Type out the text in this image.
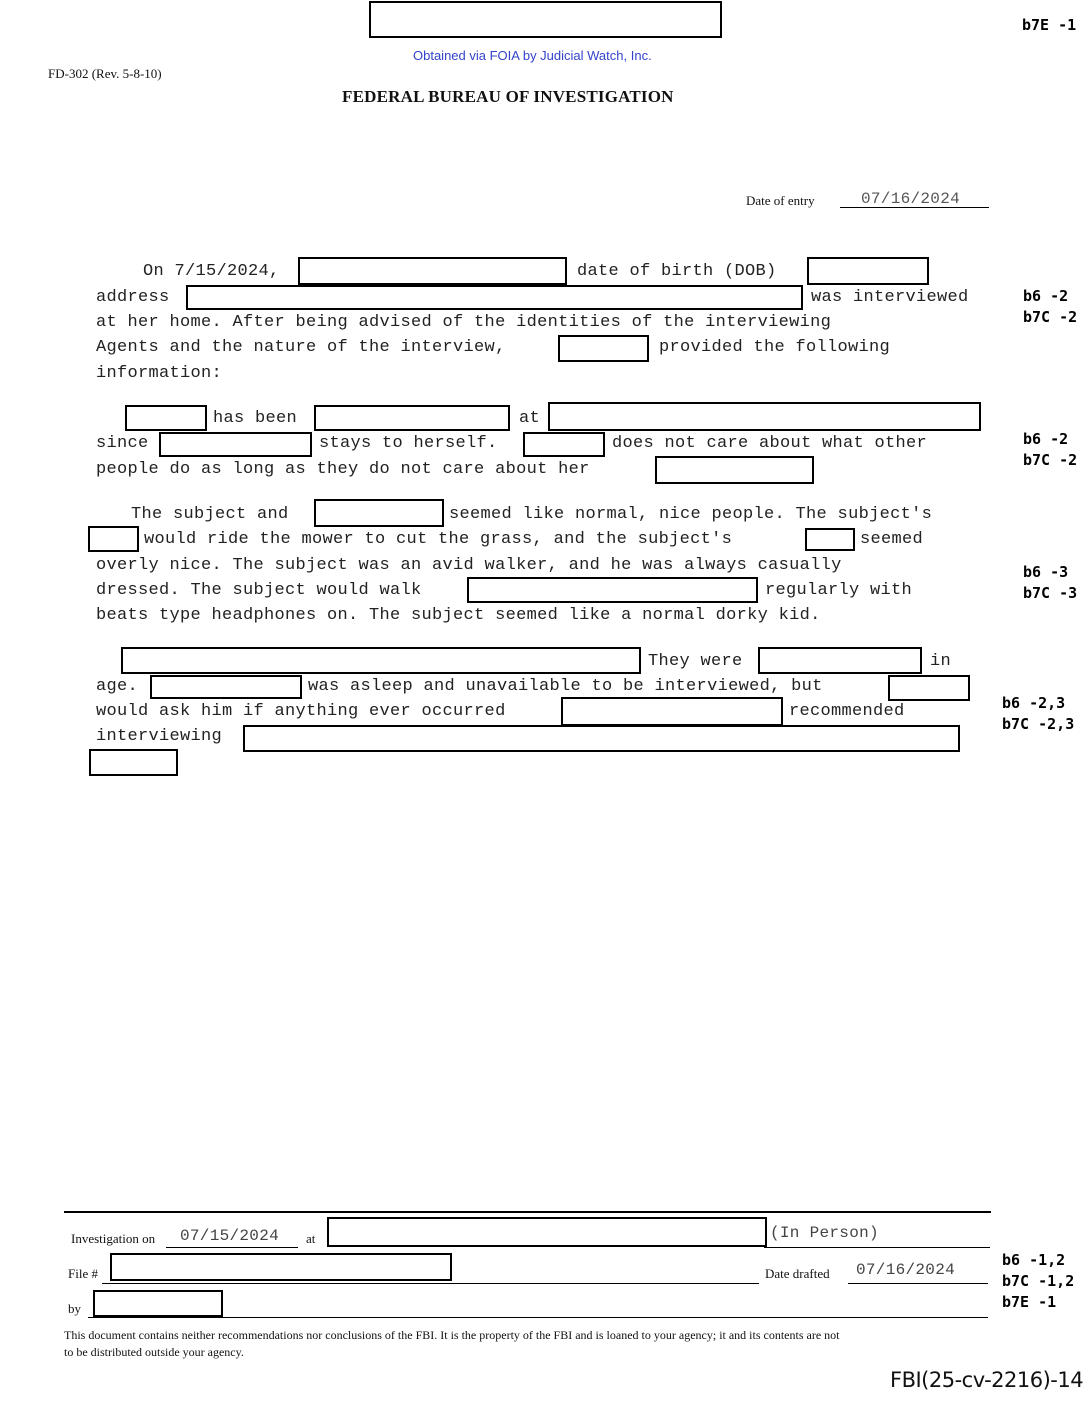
Obtained via FOIA by Judicial Watch, Inc.
b7E -1
FD-302 (Rev. 5-8-10)
FEDERAL BUREAU OF INVESTIGATION
Date of entry	07/16/2024
On 7/15/2024,	date of birth (DOB)
address	was interviewed
at her home. After being advised of the identities of the interviewing
Agents and the nature of the interview,	provided the following
information:
b6 -2
b7C -2
has been	at
since	stays to herself.	does not care about what other
people do as long as they do not care about her
b6 -2
b7C -2
The subject and	seemed like normal, nice people. The subject's
would ride the mower to cut the grass, and the subject's	seemed
overly nice. The subject was an avid walker, and he was always casually
dressed. The subject would walk	regularly with
beats type headphones on. The subject seemed like a normal dorky kid.
b6 -3
b7C -3
They were	in
age.	was asleep and unavailable to be interviewed, but
would ask him if anything ever occurred	recommended
interviewing
b6 -2,3
b7C -2,3
Investigation on 07/15/2024 at	(In Person)
File #	Date drafted 07/16/2024
by
b6 -1,2
b7C -1,2
b7E -1
This document contains neither recommendations nor conclusions of the FBI. It is the property of the FBI and is loaned to your agency; it and its contents are not
to be distributed outside your agency.
FBI(25-cv-2216)-14
